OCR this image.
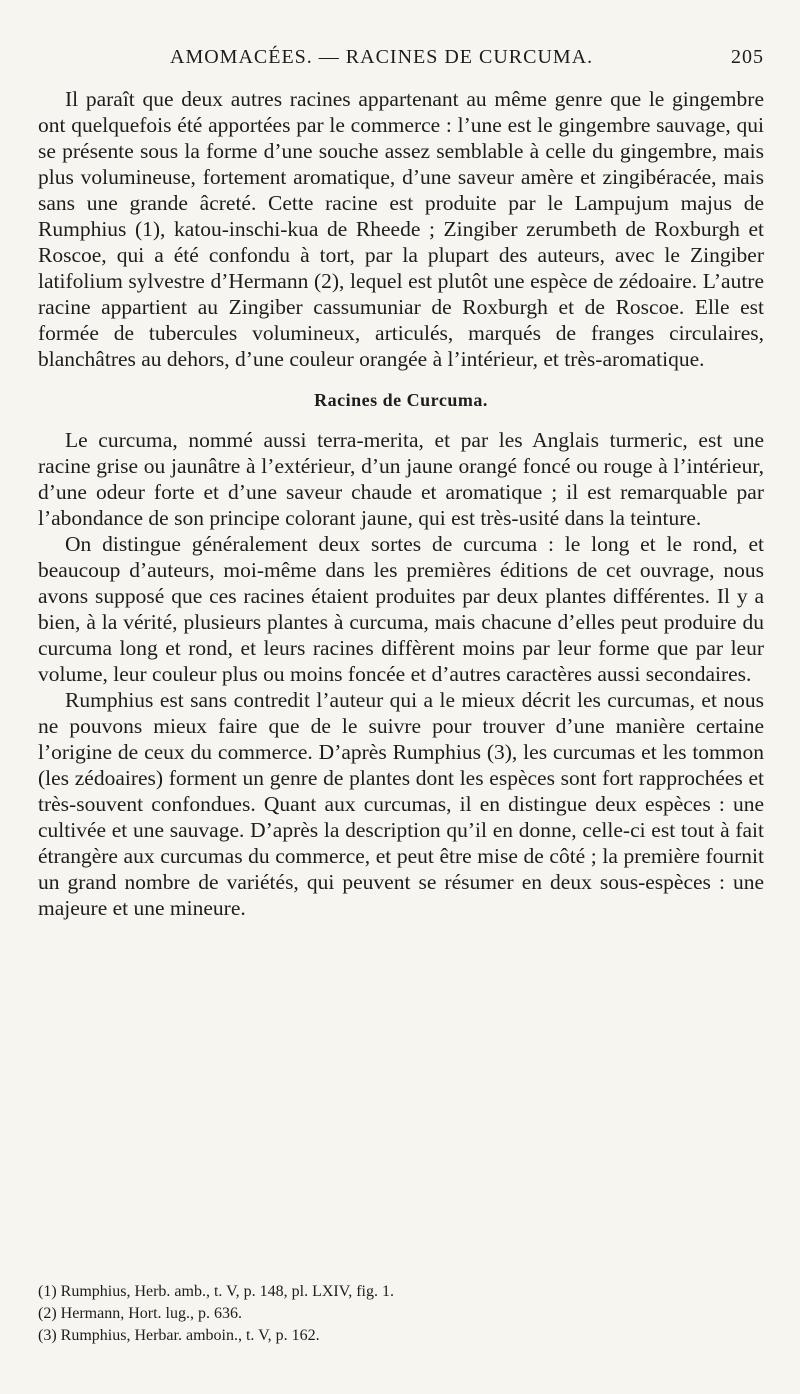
AMOMACÉES. — RACINES DE CURCUMA.	205

Il paraît que deux autres racines appartenant au même genre que le gingembre ont quelquefois été apportées par le commerce : l’une est le gingembre sauvage, qui se présente sous la forme d’une souche assez semblable à celle du gingembre, mais plus volumineuse, fortement aromatique, d’une saveur amère et zingibéracée, mais sans une grande âcreté. Cette racine est produite par le Lampujum majus de Rumphius (1), katou-inschi-kua de Rheede ; Zingiber zerumbeth de Roxburgh et Roscoe, qui a été confondu à tort, par la plupart des auteurs, avec le Zingiber latifolium sylvestre d’Hermann (2), lequel est plutôt une espèce de zédoaire. L’autre racine appartient au Zingiber cassumuniar de Roxburgh et de Roscoe. Elle est formée de tubercules volumineux, articulés, marqués de franges circulaires, blanchâtres au dehors, d’une couleur orangée à l’intérieur, et très-aromatique.

Racines de Curcuma.

Le curcuma, nommé aussi terra-merita, et par les Anglais turmeric, est une racine grise ou jaunâtre à l’extérieur, d’un jaune orangé foncé ou rouge à l’intérieur, d’une odeur forte et d’une saveur chaude et aromatique ; il est remarquable par l’abondance de son principe colorant jaune, qui est très-usité dans la teinture.

On distingue généralement deux sortes de curcuma : le long et le rond, et beaucoup d’auteurs, moi-même dans les premières éditions de cet ouvrage, nous avons supposé que ces racines étaient produites par deux plantes différentes. Il y a bien, à la vérité, plusieurs plantes à curcuma, mais chacune d’elles peut produire du curcuma long et rond, et leurs racines diffèrent moins par leur forme que par leur volume, leur couleur plus ou moins foncée et d’autres caractères aussi secondaires.

Rumphius est sans contredit l’auteur qui a le mieux décrit les curcumas, et nous ne pouvons mieux faire que de le suivre pour trouver d’une manière certaine l’origine de ceux du commerce. D’après Rumphius (3), les curcumas et les tommon (les zédoaires) forment un genre de plantes dont les espèces sont fort rapprochées et très-souvent confondues. Quant aux curcumas, il en distingue deux espèces : une cultivée et une sauvage. D’après la description qu’il en donne, celle-ci est tout à fait étrangère aux curcumas du commerce, et peut être mise de côté ; la première fournit un grand nombre de variétés, qui peuvent se résumer en deux sous-espèces : une majeure et une mineure.

(1) Rumphius, Herb. amb., t. V, p. 148, pl. LXIV, fig. 1.

(2) Hermann, Hort. lug., p. 636.

(3) Rumphius, Herbar. amboin., t. V, p. 162.
